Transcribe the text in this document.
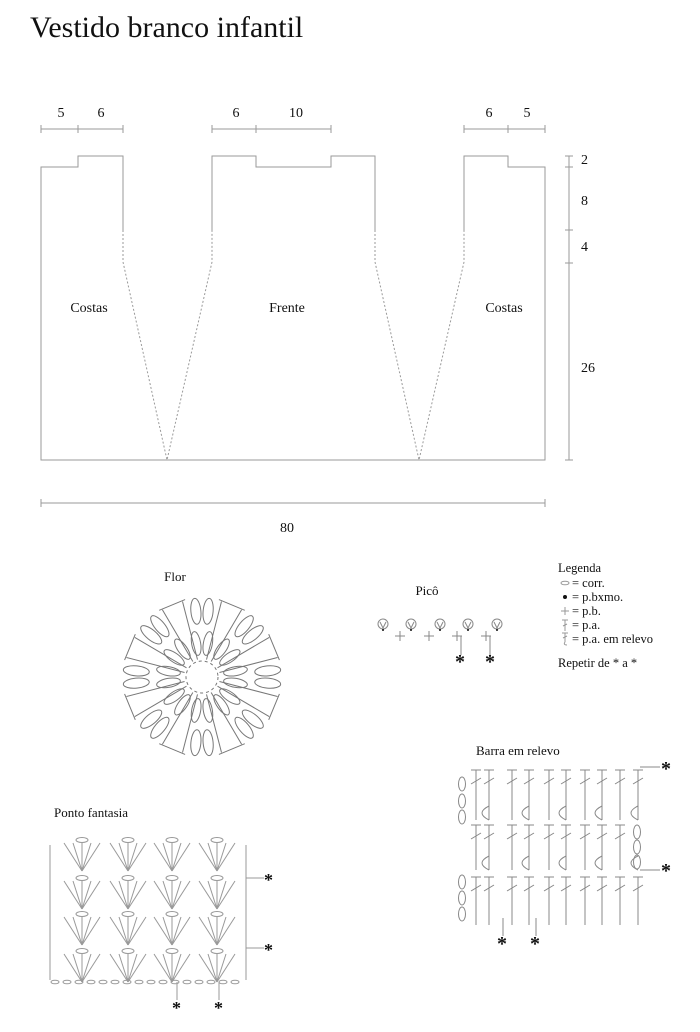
Vestido branco infantil
5 6	6	10	6 5
2
8
4
26
80
Costas	Frente	Costas
Flor
Picô
Barra em relevo
Ponto fantasia
Legenda
= corr.
= p.bxmo.
= p.b.
= p.a.
= p.a. em relevo
Repetir de * a *
* *
*
*
* *
*
*
* *
